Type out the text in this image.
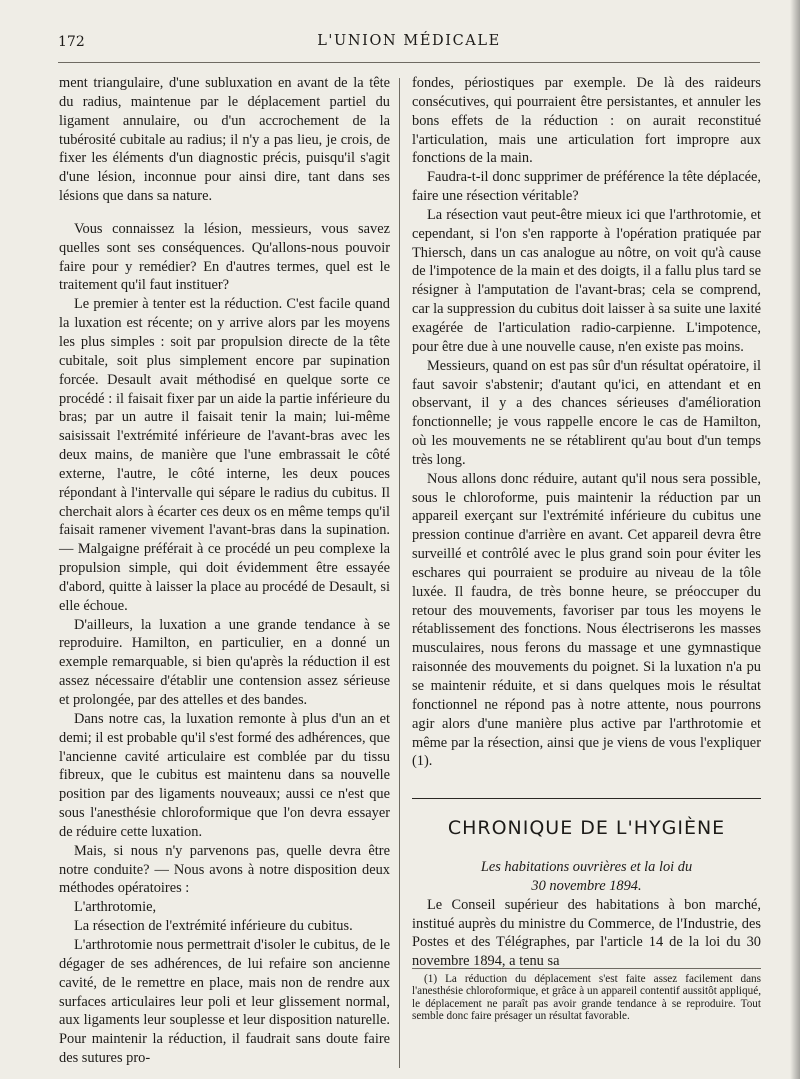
172	L'UNION MÉDICALE

ment triangulaire, d'une subluxation en avant de la tête du radius, maintenue par le déplacement partiel du ligament annulaire, ou d'un accrochement de la tubérosité cubitale au radius; il n'y a pas lieu, je crois, de fixer les éléments d'un diagnostic précis, puisqu'il s'agit d'une lésion, inconnue pour ainsi dire, tant dans ses lésions que dans sa nature.

Vous connaissez la lésion, messieurs, vous savez quelles sont ses conséquences. Qu'allons-nous pouvoir faire pour y remédier? En d'autres termes, quel est le traitement qu'il faut instituer?

Le premier à tenter est la réduction. C'est facile quand la luxation est récente; on y arrive alors par les moyens les plus simples : soit par propulsion directe de la tête cubitale, soit plus simplement encore par supination forcée. Desault avait méthodisé en quelque sorte ce procédé : il faisait fixer par un aide la partie inférieure du bras; par un autre il faisait tenir la main; lui-même saisissait l'extrémité inférieure de l'avant-bras avec les deux mains, de manière que l'une embrassait le côté externe, l'autre, le côté interne, les deux pouces répondant à l'intervalle qui sépare le radius du cubitus. Il cherchait alors à écarter ces deux os en même temps qu'il faisait ramener vivement l'avant-bras dans la supination. — Malgaigne préférait à ce procédé un peu complexe la propulsion simple, qui doit évidemment être essayée d'abord, quitte à laisser la place au procédé de Desault, si elle échoue.

D'ailleurs, la luxation a une grande tendance à se reproduire. Hamilton, en particulier, en a donné un exemple remarquable, si bien qu'après la réduction il est assez nécessaire d'établir une contension assez sérieuse et prolongée, par des attelles et des bandes.

Dans notre cas, la luxation remonte à plus d'un an et demi; il est probable qu'il s'est formé des adhérences, que l'ancienne cavité articulaire est comblée par du tissu fibreux, que le cubitus est maintenu dans sa nouvelle position par des ligaments nouveaux; aussi ce n'est que sous l'anesthésie chloroformique que l'on devra essayer de réduire cette luxation.

Mais, si nous n'y parvenons pas, quelle devra être notre conduite? — Nous avons à notre disposition deux méthodes opératoires :

L'arthrotomie,

La résection de l'extrémité inférieure du cubitus.

L'arthrotomie nous permettrait d'isoler le cubitus, de le dégager de ses adhérences, de lui refaire son ancienne cavité, de le remettre en place, mais non de rendre aux surfaces articulaires leur poli et leur glissement normal, aux ligaments leur souplesse et leur disposition naturelle. Pour maintenir la réduction, il faudrait sans doute faire des sutures pro-

fondes, périostiques par exemple. De là des raideurs consécutives, qui pourraient être persistantes, et annuler les bons effets de la réduction : on aurait reconstitué l'articulation, mais une articulation fort impropre aux fonctions de la main.

Faudra-t-il donc supprimer de préférence la tête déplacée, faire une résection véritable?

La résection vaut peut-être mieux ici que l'arthrotomie, et cependant, si l'on s'en rapporte à l'opération pratiquée par Thiersch, dans un cas analogue au nôtre, on voit qu'à cause de l'impotence de la main et des doigts, il a fallu plus tard se résigner à l'amputation de l'avant-bras; cela se comprend, car la suppression du cubitus doit laisser à sa suite une laxité exagérée de l'articulation radio-carpienne. L'impotence, pour être due à une nouvelle cause, n'en existe pas moins.

Messieurs, quand on est pas sûr d'un résultat opératoire, il faut savoir s'abstenir; d'autant qu'ici, en attendant et en observant, il y a des chances sérieuses d'amélioration fonctionnelle; je vous rappelle encore le cas de Hamilton, où les mouvements ne se rétablirent qu'au bout d'un temps très long.

Nous allons donc réduire, autant qu'il nous sera possible, sous le chloroforme, puis maintenir la réduction par un appareil exerçant sur l'extrémité inférieure du cubitus une pression continue d'arrière en avant. Cet appareil devra être surveillé et contrôlé avec le plus grand soin pour éviter les eschares qui pourraient se produire au niveau de la tôle luxée. Il faudra, de très bonne heure, se préoccuper du retour des mouvements, favoriser par tous les moyens le rétablissement des fonctions. Nous électriserons les masses musculaires, nous ferons du massage et une gymnastique raisonnée des mouvements du poignet. Si la luxation n'a pu se maintenir réduite, et si dans quelques mois le résultat fonctionnel ne répond pas à notre attente, nous pourrons agir alors d'une manière plus active par l'arthrotomie et même par la résection, ainsi que je viens de vous l'expliquer (1).

CHRONIQUE DE L'HYGIÈNE

Les habitations ouvrières et la loi du

30 novembre 1894.

Le Conseil supérieur des habitations à bon marché, institué auprès du ministre du Commerce, de l'Industrie, des Postes et des Télégraphes, par l'article 14 de la loi du 30 novembre 1894, a tenu sa

(1) La réduction du déplacement s'est faite assez facilement dans l'anesthésie chloroformique, et grâce à un appareil contentif aussitôt appliqué, le déplacement ne paraît pas avoir grande tendance à se reproduire. Tout semble donc faire présager un résultat favorable.
